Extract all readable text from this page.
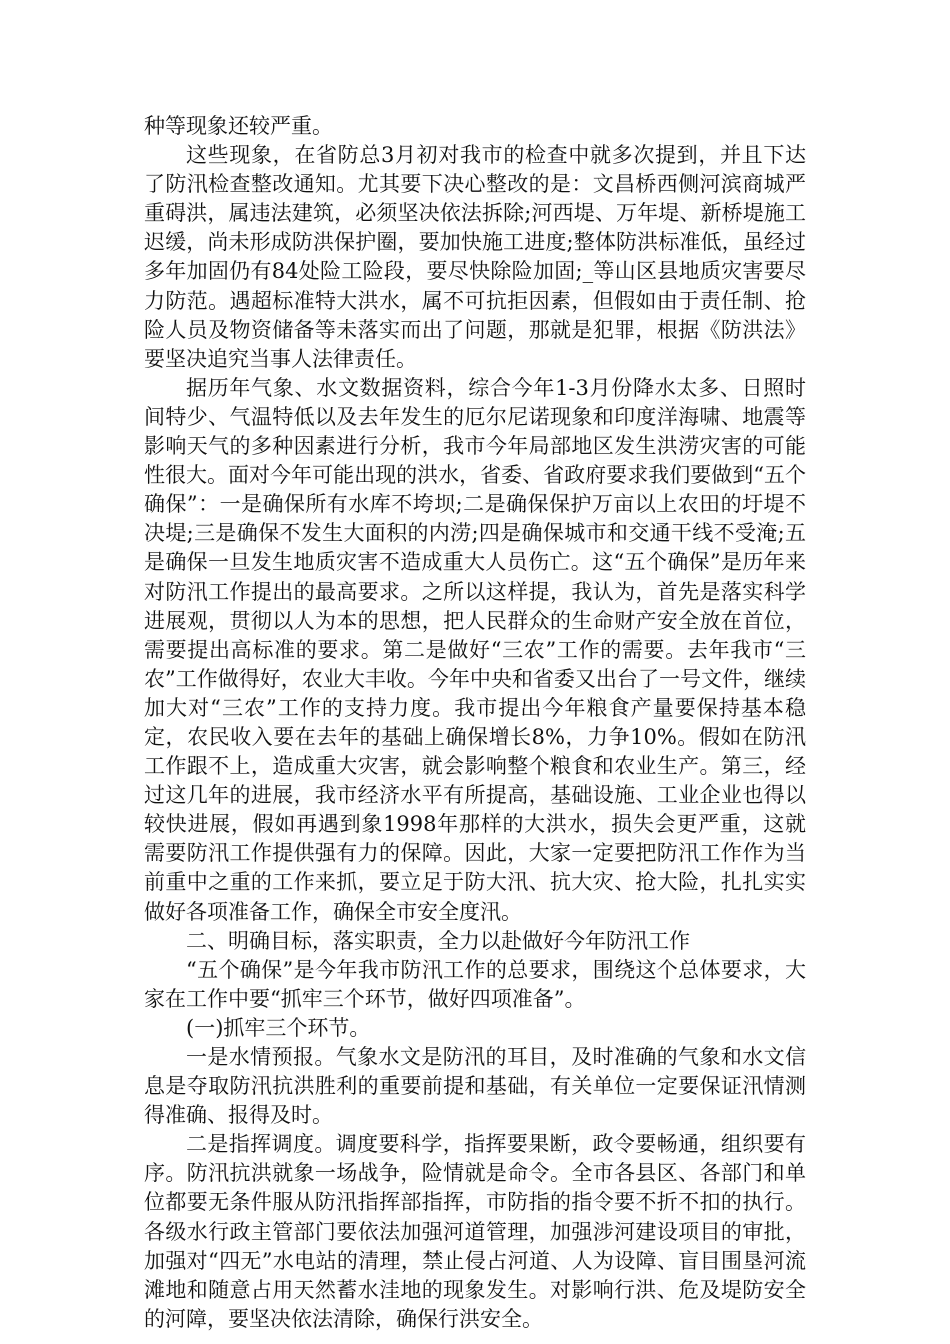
种等现象还较严重。

这些现象，在省防总3月初对我市的检查中就多次提到，并且下达了防汛检查整改通知。尤其要下决心整改的是：文昌桥西侧河滨商城严重碍洪，属违法建筑，必须坚决依法拆除;河西堤、万年堤、新桥堤施工迟缓，尚未形成防洪保护圈，要加快施工进度;整体防洪标准低，虽经过多年加固仍有84处险工险段，要尽快除险加固;_等山区县地质灾害要尽力防范。遇超标准特大洪水，属不可抗拒因素，但假如由于责任制、抢险人员及物资储备等未落实而出了问题，那就是犯罪，根据《防洪法》要坚决追究当事人法律责任。

据历年气象、水文数据资料，综合今年1-3月份降水太多、日照时间特少、气温特低以及去年发生的厄尔尼诺现象和印度洋海啸、地震等影响天气的多种因素进行分析，我市今年局部地区发生洪涝灾害的可能性很大。面对今年可能出现的洪水，省委、省政府要求我们要做到“五个确保”：一是确保所有水库不垮坝;二是确保保护万亩以上农田的圩堤不决堤;三是确保不发生大面积的内涝;四是确保城市和交通干线不受淹;五是确保一旦发生地质灾害不造成重大人员伤亡。这“五个确保”是历年来对防汛工作提出的最高要求。之所以这样提，我认为，首先是落实科学进展观，贯彻以人为本的思想，把人民群众的生命财产安全放在首位，需要提出高标准的要求。第二是做好“三农”工作的需要。去年我市“三农”工作做得好，农业大丰收。今年中央和省委又出台了一号文件，继续加大对“三农”工作的支持力度。我市提出今年粮食产量要保持基本稳定，农民收入要在去年的基础上确保增长8%，力争10%。假如在防汛工作跟不上，造成重大灾害，就会影响整个粮食和农业生产。第三，经过这几年的进展，我市经济水平有所提高，基础设施、工业企业也得以较快进展，假如再遇到象1998年那样的大洪水，损失会更严重，这就需要防汛工作提供强有力的保障。因此，大家一定要把防汛工作作为当前重中之重的工作来抓，要立足于防大汛、抗大灾、抢大险，扎扎实实做好各项准备工作，确保全市安全度汛。

二、明确目标，落实职责，全力以赴做好今年防汛工作

“五个确保”是今年我市防汛工作的总要求，围绕这个总体要求，大家在工作中要“抓牢三个环节，做好四项准备”。

(一)抓牢三个环节。

一是水情预报。气象水文是防汛的耳目，及时准确的气象和水文信息是夺取防汛抗洪胜利的重要前提和基础，有关单位一定要保证汛情测得准确、报得及时。

二是指挥调度。调度要科学，指挥要果断，政令要畅通，组织要有序。防汛抗洪就象一场战争，险情就是命令。全市各县区、各部门和单位都要无条件服从防汛指挥部指挥，市防指的指令要不折不扣的执行。各级水行政主管部门要依法加强河道管理，加强涉河建设项目的审批，加强对“四无”水电站的清理，禁止侵占河道、人为设障、盲目围垦河流滩地和随意占用天然蓄水洼地的现象发生。对影响行洪、危及堤防安全的河障，要坚决依法清除，确保行洪安全。
